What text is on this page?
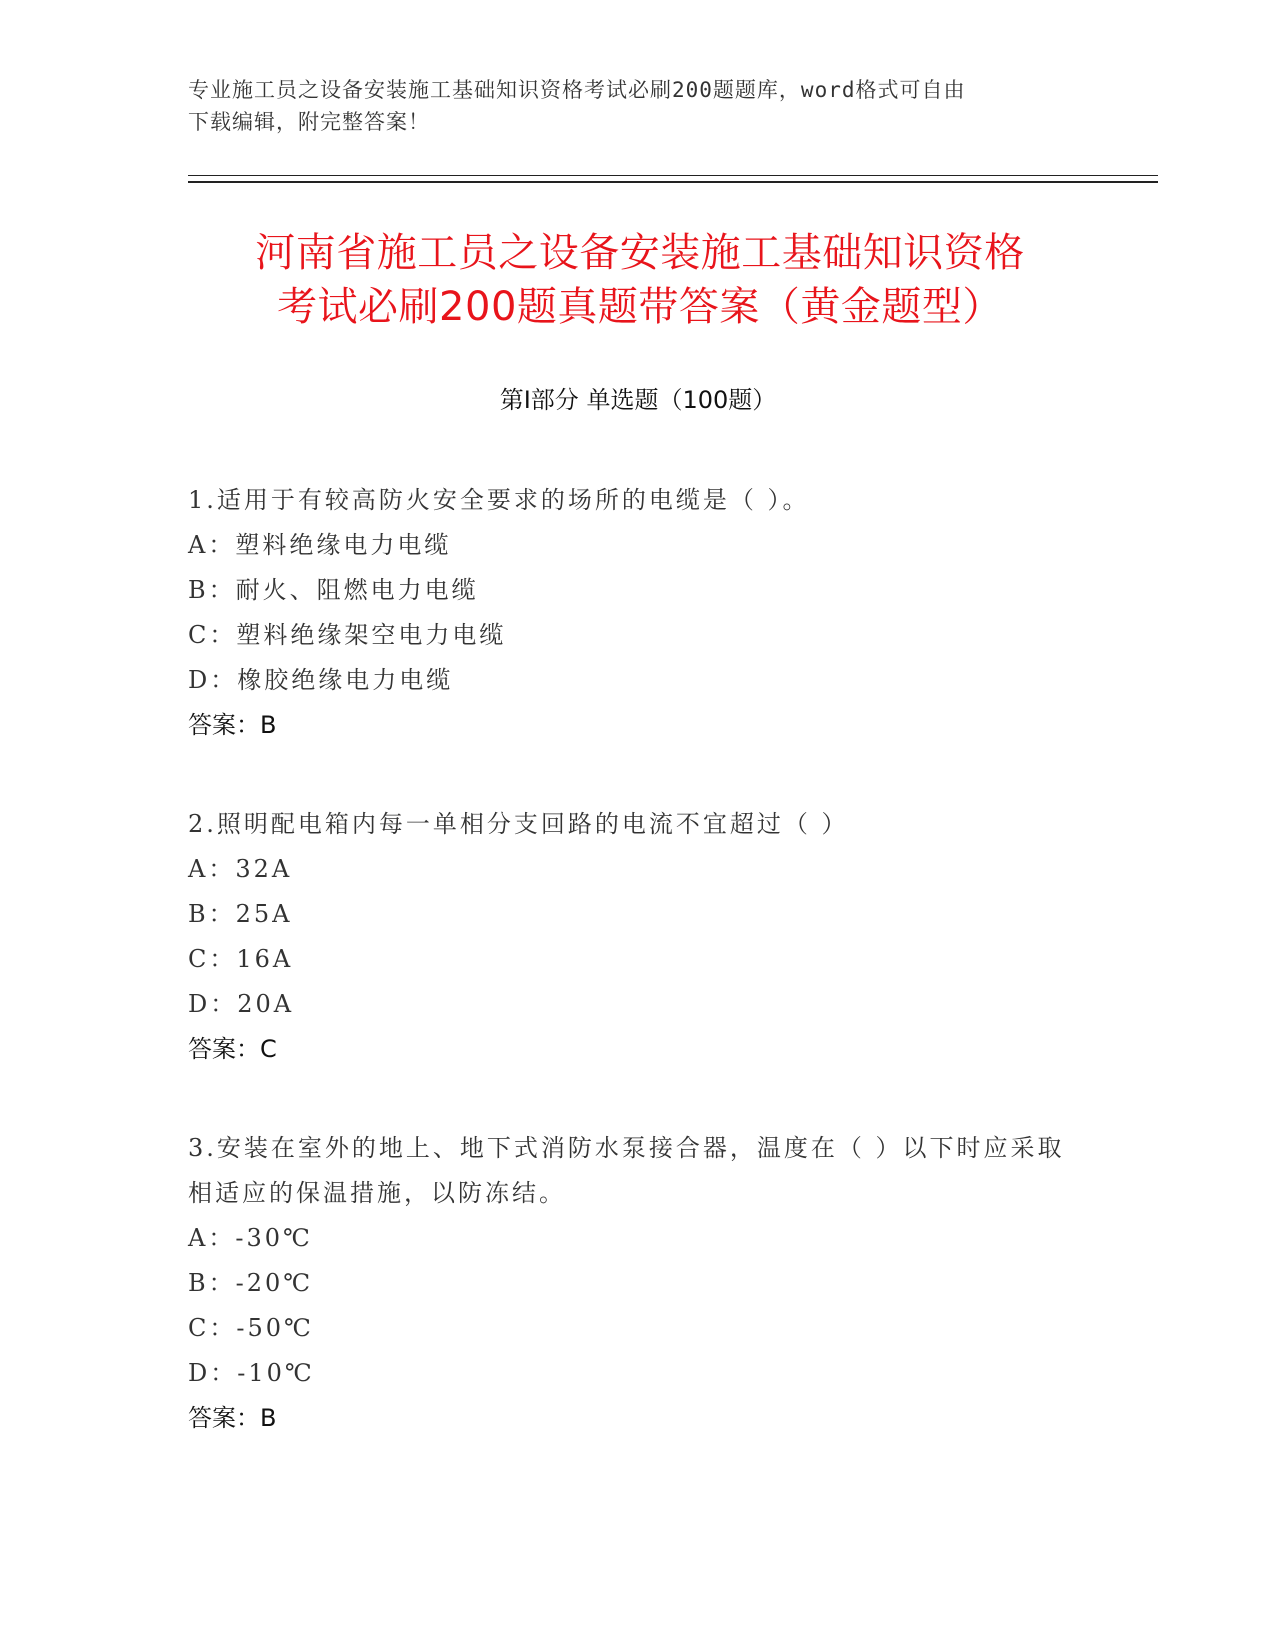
专业施工员之设备安装施工基础知识资格考试必刷200题题库，word格式可自由
下载编辑，附完整答案！
河南省施工员之设备安装施工基础知识资格
考试必刷200题真题带答案（黄金题型）
第Ⅰ部分 单选题（100题）
1.适用于有较高防火安全要求的场所的电缆是（ ）。
A： 塑料绝缘电力电缆
B： 耐火、阻燃电力电缆
C： 塑料绝缘架空电力电缆
D： 橡胶绝缘电力电缆
答案：B
2.照明配电箱内每一单相分支回路的电流不宜超过（ ）
A： 32A
B： 25A
C： 16A
D： 20A
答案：C
3.安装在室外的地上、地下式消防水泵接合器，温度在（ ）以下时应采取相适应的保温措施，以防冻结。
A： -30℃
B： -20℃
C： -50℃
D： -10℃
答案：B
